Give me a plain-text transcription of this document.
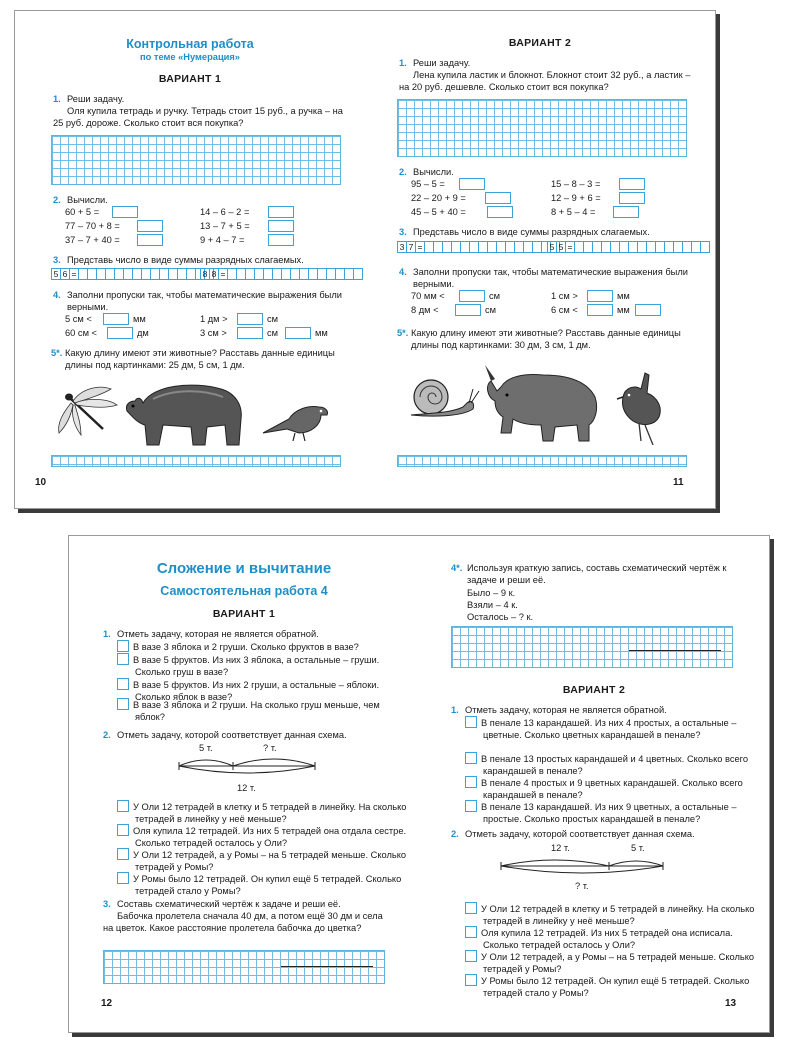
Контрольная работа
по теме «Нумерация»
ВАРИАНТ 1
1. Реши задачу.
Оля купила тетрадь и ручку. Тетрадь стоит 15 руб., а ручка – на 25 руб. дороже. Сколько стоит вся покупка?
2. Вычисли.
60 + 5 =	14 – 6 – 2 =
77 – 70 + 8 =	13 – 7 + 5 =
37 – 7 + 40 =	9 + 4 – 7 =
3. Представь число в виде суммы разрядных слагаемых.
5 6 =	8 8 =
4. Заполни пропуски так, чтобы математические выражения были верными.
5 см <	мм	1 дм >	см
60 см <	дм	3 см >	см	мм
5*. Какую длину имеют эти животные? Расставь данные единицы длины под картинками: 25 дм, 5 см, 1 дм.
10
ВАРИАНТ 2
1. Реши задачу.
Лена купила ластик и блокнот. Блокнот стоит 32 руб., а ластик – на 20 руб. дешевле. Сколько стоит вся покупка?
2. Вычисли.
95 – 5 =	15 – 8 – 3 =
22 – 20 + 9 =	12 – 9 + 6 =
45 – 5 + 40 =	8 + 5 – 4 =
3. Представь число в виде суммы разрядных слагаемых.
3 7 =	5 5 =
4. Заполни пропуски так, чтобы математические выражения были верными.
70 мм <	см	1 см >	мм
8 дм <	см	6 см <	мм
5*. Какую длину имеют эти животные? Расставь данные единицы длины под картинками: 30 дм, 3 см, 1 дм.
11
Сложение и вычитание
Самостоятельная работа 4
ВАРИАНТ 1
1. Отметь задачу, которая не является обратной.
В вазе 3 яблока и 2 груши. Сколько фруктов в вазе?
В вазе 5 фруктов. Из них 3 яблока, а остальные – груши. Сколько груш в вазе?
В вазе 5 фруктов. Из них 2 груши, а остальные – яблоки. Сколько яблок в вазе?
В вазе 3 яблока и 2 груши. На сколько груш меньше, чем яблок?
2. Отметь задачу, которой соответствует данная схема.
5 т.	? т.
12 т.
У Оли 12 тетрадей в клетку и 5 тетрадей в линейку. На сколько тетрадей в линейку у неё меньше?
Оля купила 12 тетрадей. Из них 5 тетрадей она отдала сестре. Сколько тетрадей осталось у Оли?
У Оли 12 тетрадей, а у Ромы – на 5 тетрадей меньше. Сколько тетрадей у Ромы?
У Ромы было 12 тетрадей. Он купил ещё 5 тетрадей. Сколько тетрадей стало у Ромы?
3. Составь схематический чертёж к задаче и реши её.
Бабочка пролетела сначала 40 дм, а потом ещё 30 дм и села на цветок. Какое расстояние пролетела бабочка до цветка?
12
4*. Используя краткую запись, составь схематический чертёж к задаче и реши её.
Было – 9 к.
Взяли – 4 к.
Осталось – ? к.
ВАРИАНТ 2
1. Отметь задачу, которая не является обратной.
В пенале 13 карандашей. Из них 4 простых, а остальные – цветные. Сколько цветных карандашей в пенале?
В пенале 13 простых карандашей и 4 цветных. Сколько всего карандашей в пенале?
В пенале 4 простых и 9 цветных карандашей. Сколько всего карандашей в пенале?
В пенале 13 карандашей. Из них 9 цветных, а остальные – простые. Сколько простых карандашей в пенале?
2. Отметь задачу, которой соответствует данная схема.
12 т.	5 т.
? т.
У Оли 12 тетрадей в клетку и 5 тетрадей в линейку. На сколько тетрадей в линейку у неё меньше?
Оля купила 12 тетрадей. Из них 5 тетрадей она исписала. Сколько тетрадей осталось у Оли?
У Оли 12 тетрадей, а у Ромы – на 5 тетрадей меньше. Сколько тетрадей у Ромы?
У Ромы было 12 тетрадей. Он купил ещё 5 тетрадей. Сколько тетрадей стало у Ромы?
13
